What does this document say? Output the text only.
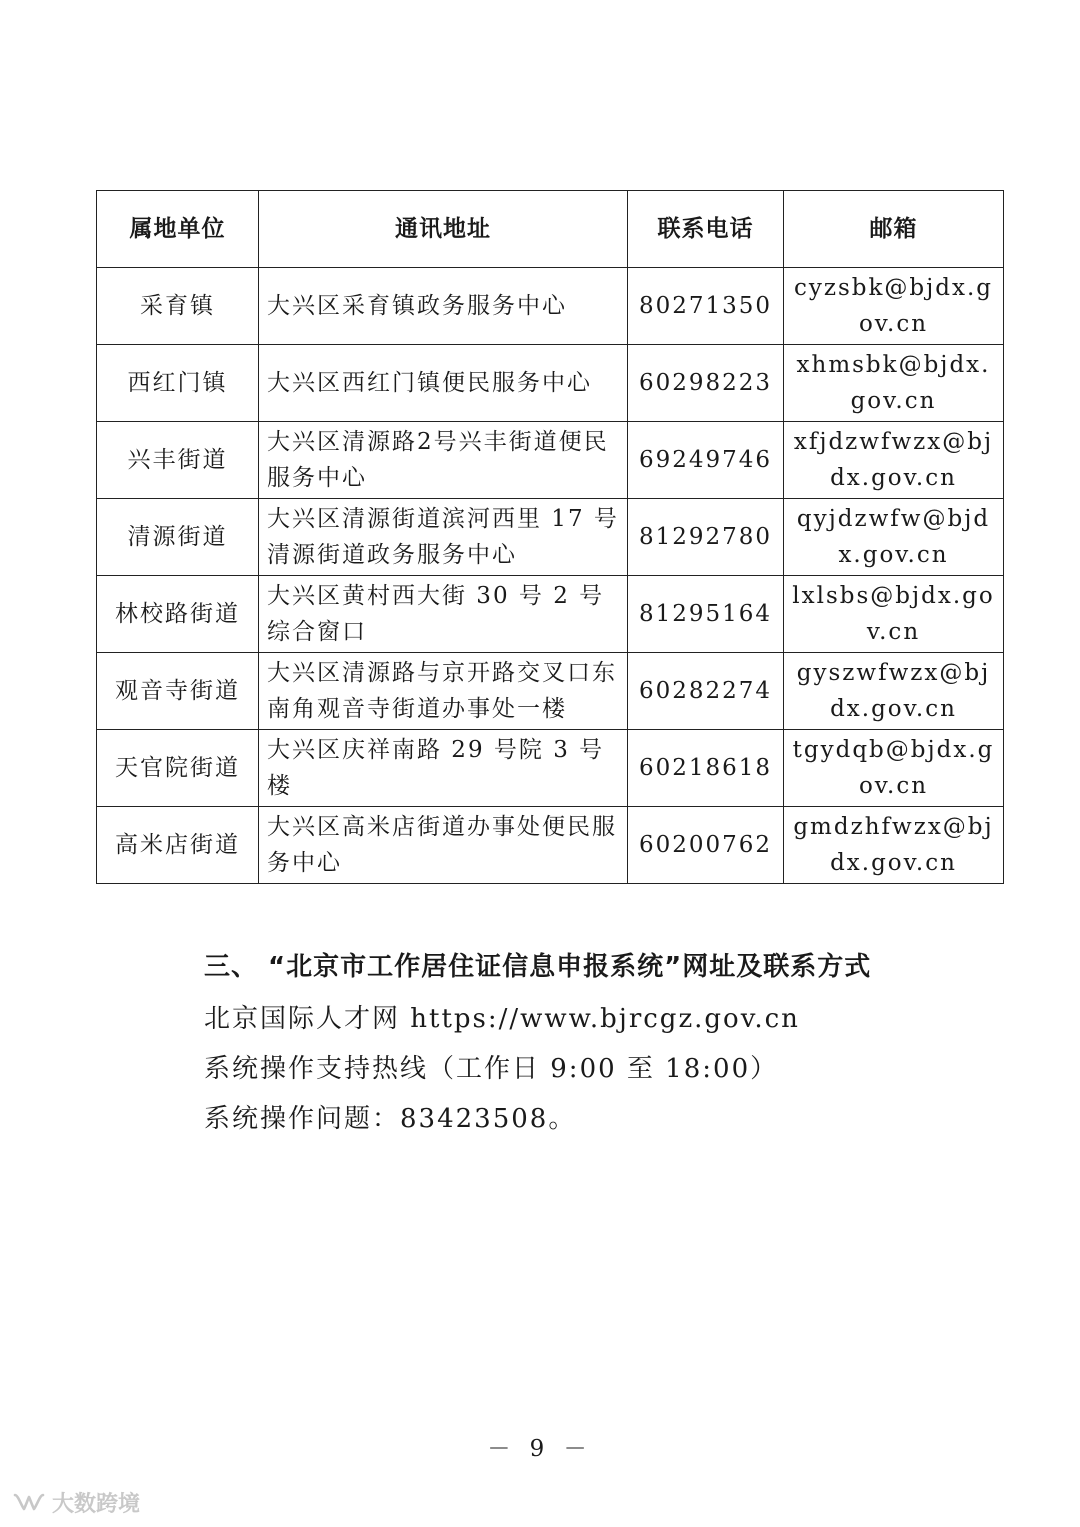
属地单位	通讯地址	联系电话	邮箱
采育镇	大兴区采育镇政务服务中心	80271350	cyzsbk@bjdx.gov.cn
西红门镇	大兴区西红门镇便民服务中心	60298223	xhmsbk@bjdx.gov.cn
兴丰街道	大兴区清源路2号兴丰街道便民服务中心	69249746	xfjdzwfwzx@bjdx.gov.cn
清源街道	大兴区清源街道滨河西里 17 号清源街道政务服务中心	81292780	qyjdzwfw@bjdx.gov.cn
林校路街道	大兴区黄村西大街 30 号 2 号综合窗口	81295164	lxlsbs@bjdx.gov.cn
观音寺街道	大兴区清源路与京开路交叉口东南角观音寺街道办事处一楼	60282274	gyszwfwzx@bjdx.gov.cn
天官院街道	大兴区庆祥南路 29 号院 3 号楼	60218618	tgydqb@bjdx.gov.cn
高米店街道	大兴区高米店街道办事处便民服务中心	60200762	gmdzhfwzx@bjdx.gov.cn

三、 “北京市工作居住证信息申报系统”网址及联系方式

北京国际人才网 https://www.bjrcgz.gov.cn

系统操作支持热线（工作日 9:00 至 18:00）

系统操作问题：83423508。

－ 9 －
大数跨境
